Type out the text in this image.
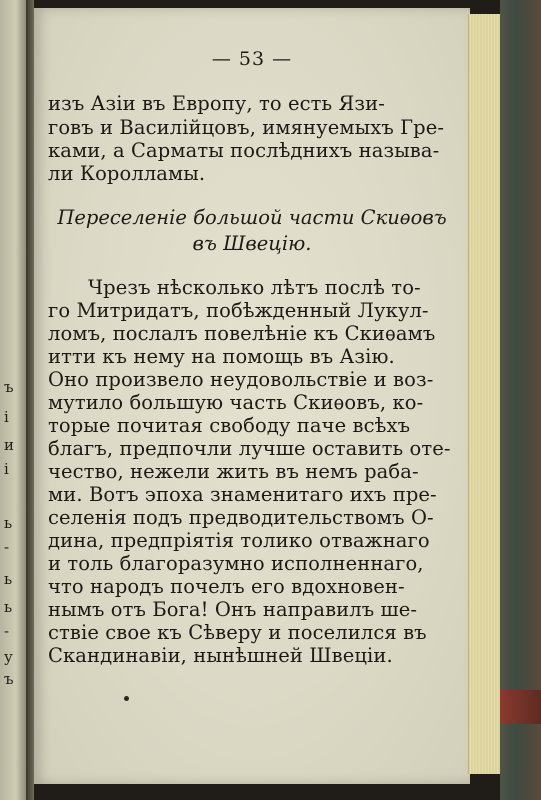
ъ
і
и
і
ь
-
ь
ь
-
у
ъ
— 53 —
изъ Азіи въ Европу, то есть Язи-
говъ и Василійцовъ, имянуемыхъ Гре-
ками, а Сарматы послѣднихъ называ-
ли Королламы.
Переселеніе большой части Скиѳовъ
въ Швецію.
Чрезъ нѣсколько лѣтъ послѣ то-
го Митридатъ, побѣжденный Лукул-
ломъ, послалъ повелѣніе къ Скиѳамъ
итти къ нему на помощь въ Азію.
Оно произвело неудовольствіе и воз-
мутило большую часть Скиѳовъ, ко-
торые почитая свободу паче всѣхъ
благъ, предпочли лучше оставить оте-
чество, нежели жить въ немъ раба-
ми. Вотъ эпоха знаменитаго ихъ пре-
селенія подъ предводительствомъ О-
дина, предпріятія толико отважнаго
и толь благоразумно исполненнаго,
что народъ почелъ его вдохновен-
нымъ отъ Бога! Онъ направилъ ше-
ствіе свое къ Сѣверу и поселился въ
Скандинавіи, нынѣшней Швеціи.
